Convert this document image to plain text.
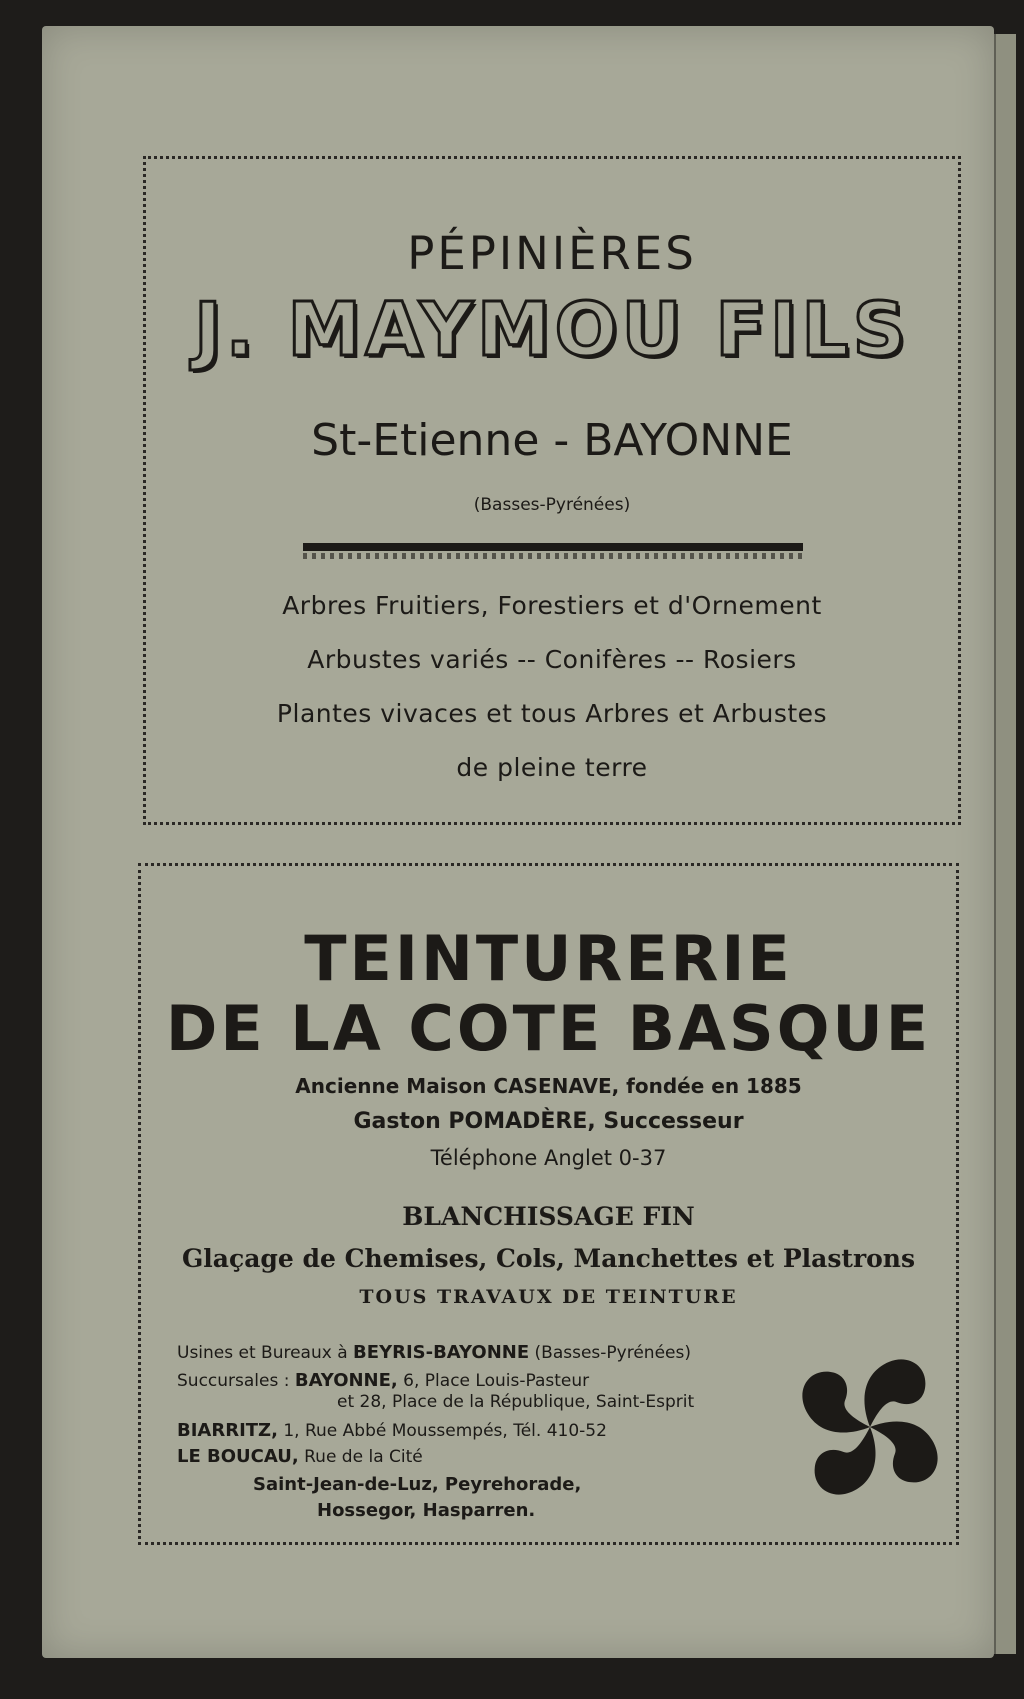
PÉPINIÈRES
J. MAYMOU FILS
St-Etienne - BAYONNE
(Basses-Pyrénées)
Arbres Fruitiers, Forestiers et d'Ornement
Arbustes variés -- Conifères -- Rosiers
Plantes vivaces et tous Arbres et Arbustes
de pleine terre
TEINTURERIE
DE LA COTE BASQUE
Ancienne Maison CASENAVE, fondée en 1885
Gaston POMADÈRE, Successeur
Téléphone Anglet 0-37
BLANCHISSAGE FIN
Glaçage de Chemises, Cols, Manchettes et Plastrons
TOUS TRAVAUX DE TEINTURE
Usines et Bureaux à BEYRIS-BAYONNE (Basses-Pyrénées)
Succursales : BAYONNE, 6, Place Louis-Pasteur
et 28, Place de la République, Saint-Esprit
BIARRITZ, 1, Rue Abbé Moussempés, Tél. 410-52
LE BOUCAU, Rue de la Cité
Saint-Jean-de-Luz, Peyrehorade,
Hossegor, Hasparren.
